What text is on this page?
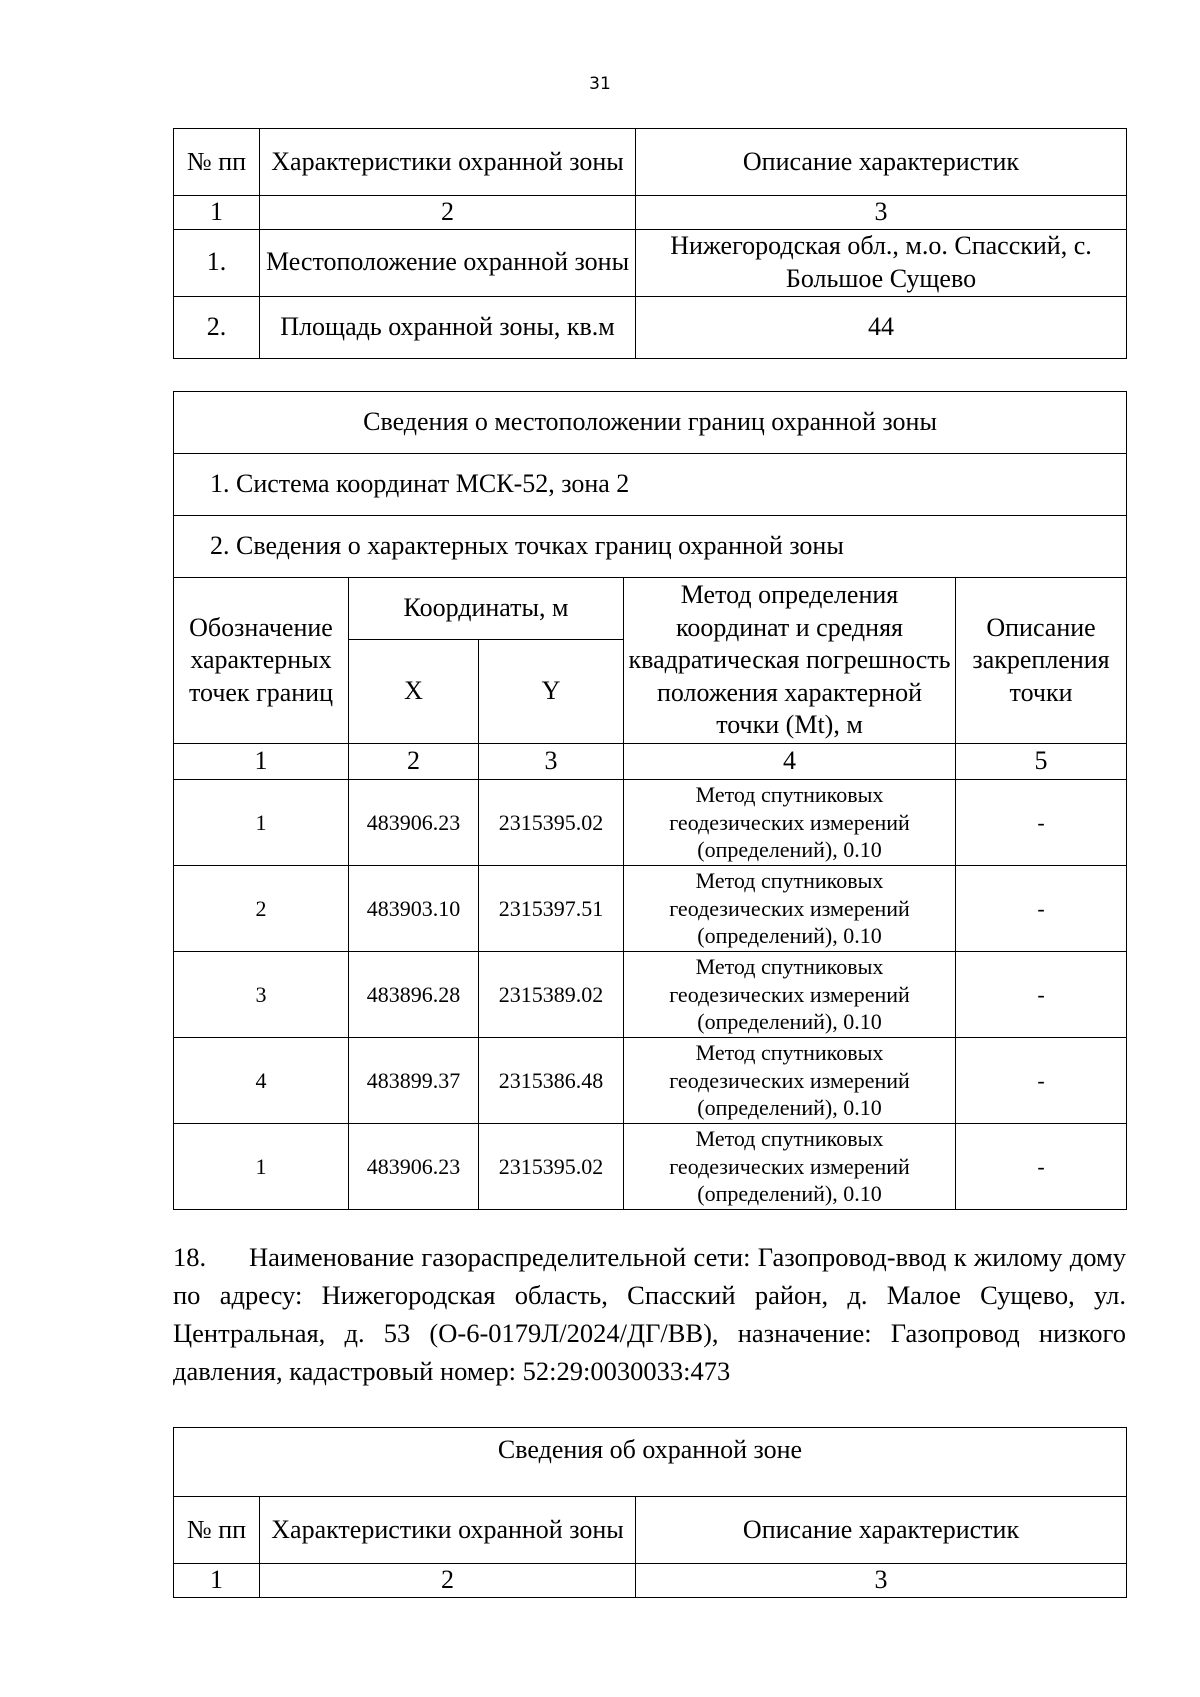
31
№ пп	Характеристики охранной зоны	Описание характеристик
1	2	3
1.	Местоположение охранной зоны	Нижегородская обл., м.о. Спасский, с. Большое Сущево
2.	Площадь охранной зоны, кв.м	44
Сведения о местоположении границ охранной зоны				
1. Система координат МСК-52, зона 2				
2. Сведения о характерных точках границ охранной зоны				
Обозначение характерных точек границ	Координаты, м		Метод определения координат и средняя квадратическая погрешность положения характерной точки (Mt), м	Описание закрепления точки
	X	Y		
1	2	3	4	5
1	483906.23	2315395.02	Метод спутниковых геодезических измерений (определений), 0.10	-
2	483903.10	2315397.51	Метод спутниковых геодезических измерений (определений), 0.10	-
3	483896.28	2315389.02	Метод спутниковых геодезических измерений (определений), 0.10	-
4	483899.37	2315386.48	Метод спутниковых геодезических измерений (определений), 0.10	-
1	483906.23	2315395.02	Метод спутниковых геодезических измерений (определений), 0.10	-

18. Наименование газораспределительной сети: Газопровод-ввод к жилому дому по адресу: Нижегородская область, Спасский район, д. Малое Сущево, ул. Центральная, д. 53 (О-6-0179Л/2024/ДГ/ВВ), назначение: Газопровод низкого давления, кадастровый номер: 52:29:0030033:473

Сведения об охранной зоне		
№ пп	Характеристики охранной зоны	Описание характеристик
1	2	3
